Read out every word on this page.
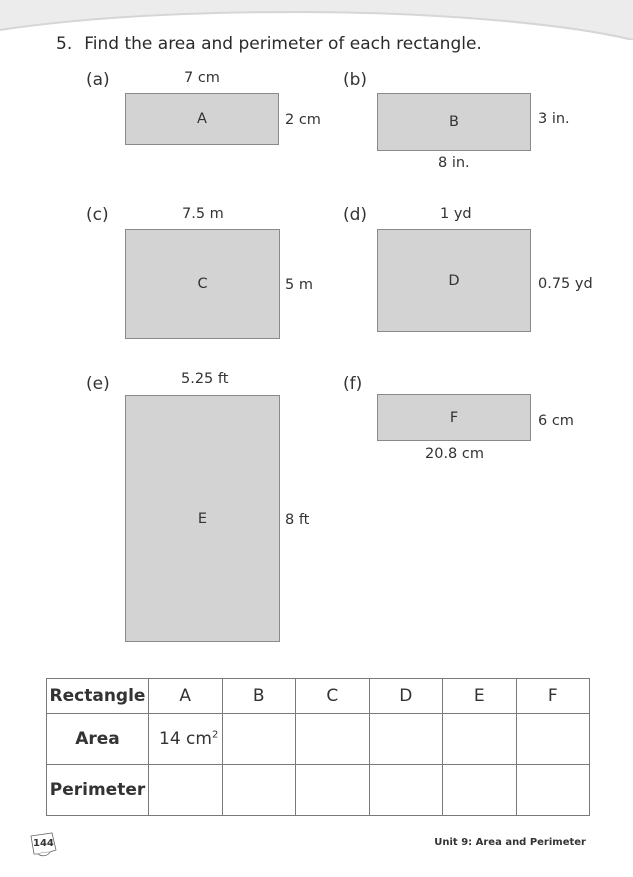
5. Find the area and perimeter of each rectangle.
(a)	7 cm
A	2 cm
(b)
B	3 in.
8 in.
(c)	7.5 m
C	5 m
(d)	1 yd
D	0.75 yd
(e)	5.25 ft
E	8 ft
(f)
F	6 cm
20.8 cm
Rectangle	A	B	C	D	E	F
Area	14 $cm^2$					
Perimeter						
144	Unit 9: Area and Perimeter
